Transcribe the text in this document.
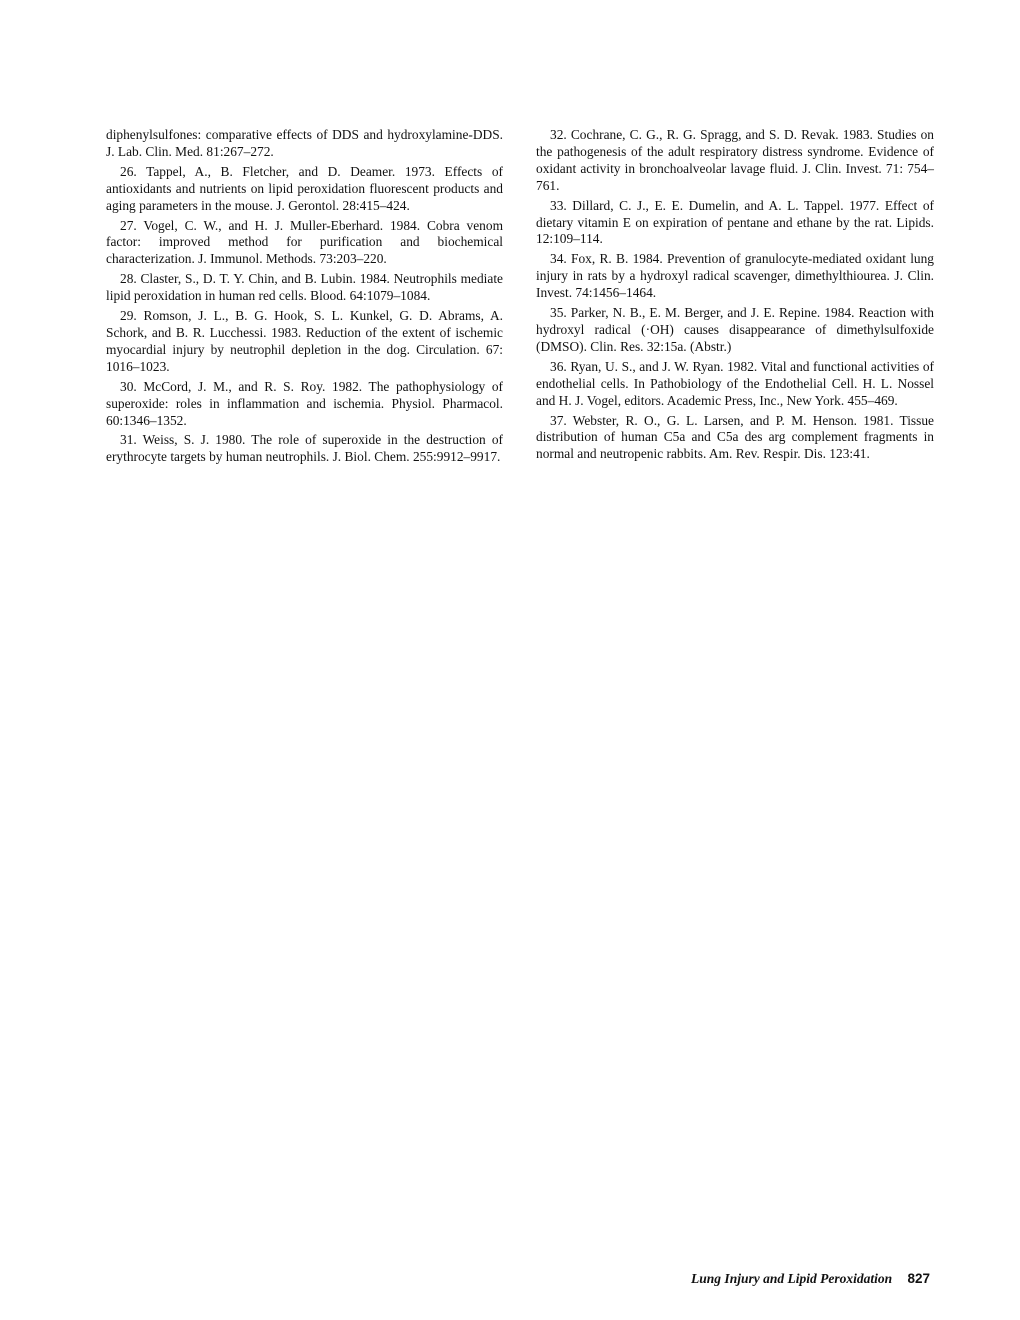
diphenylsulfones: comparative effects of DDS and hydroxylamine-DDS. J. Lab. Clin. Med. 81:267–272.

26. Tappel, A., B. Fletcher, and D. Deamer. 1973. Effects of antioxidants and nutrients on lipid peroxidation fluorescent products and aging parameters in the mouse. J. Gerontol. 28:415–424.

27. Vogel, C. W., and H. J. Muller-Eberhard. 1984. Cobra venom factor: improved method for purification and biochemical characterization. J. Immunol. Methods. 73:203–220.

28. Claster, S., D. T. Y. Chin, and B. Lubin. 1984. Neutrophils mediate lipid peroxidation in human red cells. Blood. 64:1079–1084.

29. Romson, J. L., B. G. Hook, S. L. Kunkel, G. D. Abrams, A. Schork, and B. R. Lucchessi. 1983. Reduction of the extent of ischemic myocardial injury by neutrophil depletion in the dog. Circulation. 67: 1016–1023.

30. McCord, J. M., and R. S. Roy. 1982. The pathophysiology of superoxide: roles in inflammation and ischemia. Physiol. Pharmacol. 60:1346–1352.

31. Weiss, S. J. 1980. The role of superoxide in the destruction of erythrocyte targets by human neutrophils. J. Biol. Chem. 255:9912–9917.

32. Cochrane, C. G., R. G. Spragg, and S. D. Revak. 1983. Studies on the pathogenesis of the adult respiratory distress syndrome. Evidence of oxidant activity in bronchoalveolar lavage fluid. J. Clin. Invest. 71: 754–761.

33. Dillard, C. J., E. E. Dumelin, and A. L. Tappel. 1977. Effect of dietary vitamin E on expiration of pentane and ethane by the rat. Lipids. 12:109–114.

34. Fox, R. B. 1984. Prevention of granulocyte-mediated oxidant lung injury in rats by a hydroxyl radical scavenger, dimethylthiourea. J. Clin. Invest. 74:1456–1464.

35. Parker, N. B., E. M. Berger, and J. E. Repine. 1984. Reaction with hydroxyl radical (·OH) causes disappearance of dimethylsulfoxide (DMSO). Clin. Res. 32:15a. (Abstr.)

36. Ryan, U. S., and J. W. Ryan. 1982. Vital and functional activities of endothelial cells. In Pathobiology of the Endothelial Cell. H. L. Nossel and H. J. Vogel, editors. Academic Press, Inc., New York. 455–469.

37. Webster, R. O., G. L. Larsen, and P. M. Henson. 1981. Tissue distribution of human C5a and C5a des arg complement fragments in normal and neutropenic rabbits. Am. Rev. Respir. Dis. 123:41.

Lung Injury and Lipid Peroxidation 827
